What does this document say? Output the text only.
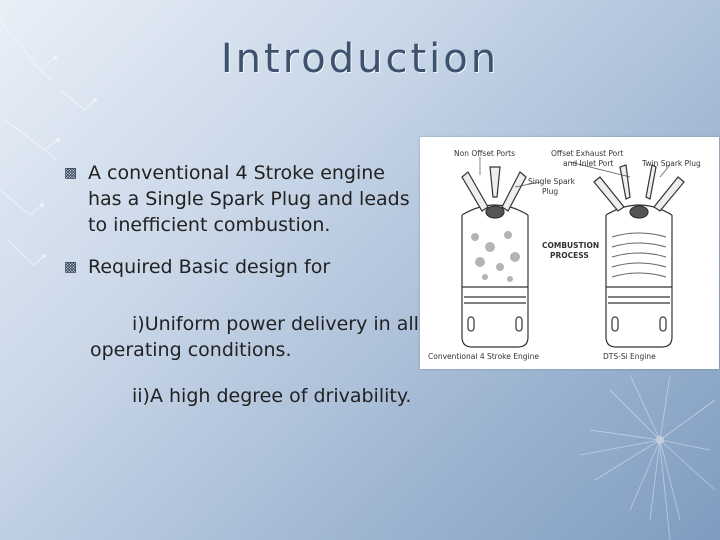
Introduction
▩ A conventional 4 Stroke engine has a Single Spark Plug and leads to inefficient combustion.
▩ Required Basic design for
i)Uniform power delivery in all operating conditions.
ii)A high degree of drivability.
Non Offset Ports	Offset Exhaust Port
and Inlet Port	Twin Spark Plug
Single Spark
Plug
COMBUSTION
PROCESS
Conventional 4 Stroke Engine	DTS-Si Engine
